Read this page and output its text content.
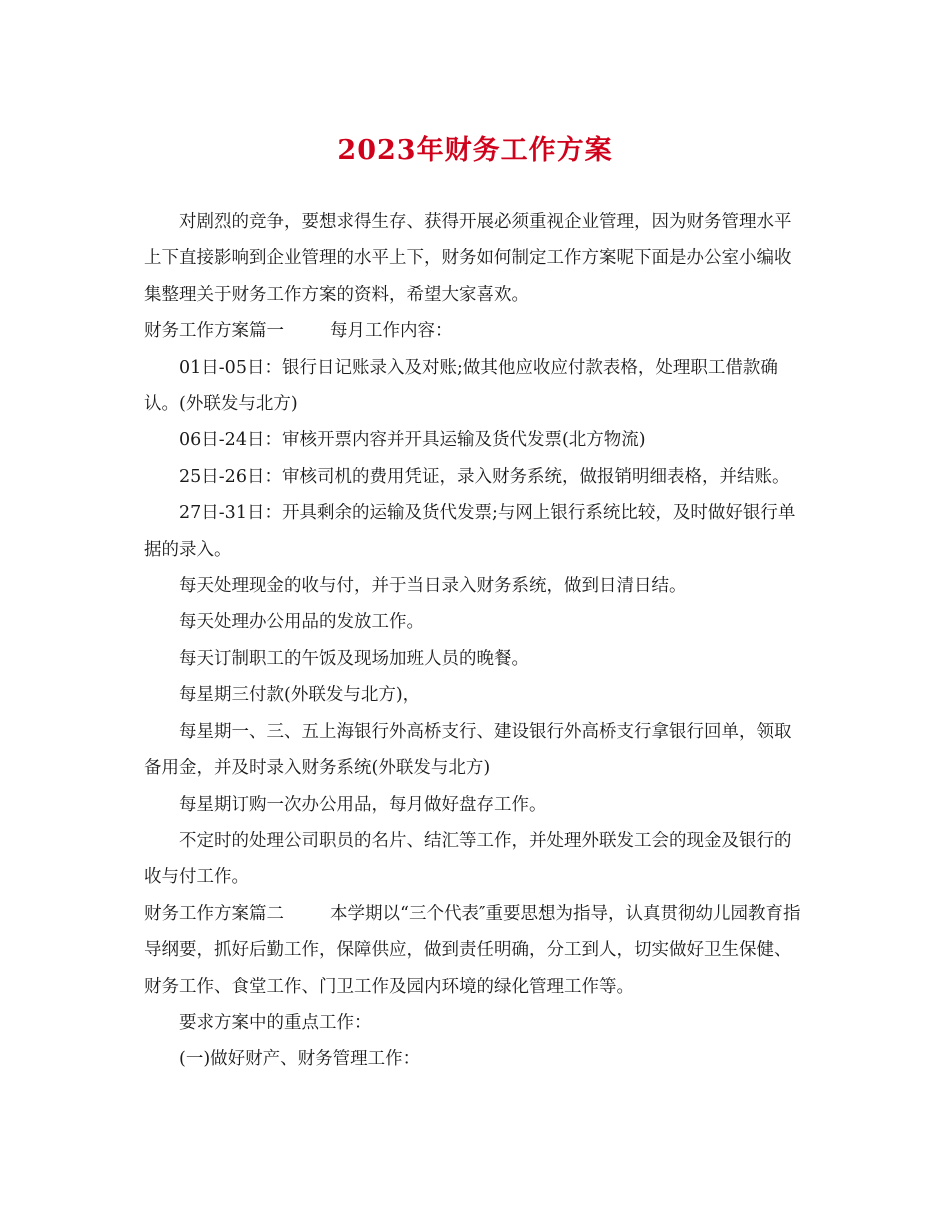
2023年财务工作方案

对剧烈的竞争，要想求得生存、获得开展必须重视企业管理，因为财务管理水平上下直接影响到企业管理的水平上下，财务如何制定工作方案呢下面是办公室小编收集整理关于财务工作方案的资料，希望大家喜欢。

财务工作方案篇一	每月工作内容：

01日-05日：银行日记账录入及对账;做其他应收应付款表格，处理职工借款确认。(外联发与北方)

06日-24日：审核开票内容并开具运输及货代发票(北方物流)

25日-26日：审核司机的费用凭证，录入财务系统，做报销明细表格，并结账。

27日-31日：开具剩余的运输及货代发票;与网上银行系统比较，及时做好银行单据的录入。

每天处理现金的收与付，并于当日录入财务系统，做到日清日结。

每天处理办公用品的发放工作。

每天订制职工的午饭及现场加班人员的晚餐。

每星期三付款(外联发与北方)，

每星期一、三、五上海银行外高桥支行、建设银行外高桥支行拿银行回单，领取备用金，并及时录入财务系统(外联发与北方)

每星期订购一次办公用品，每月做好盘存工作。

不定时的处理公司职员的名片、结汇等工作，并处理外联发工会的现金及银行的收与付工作。

财务工作方案篇二	本学期以“三个代表″重要思想为指导，认真贯彻幼儿园教育指导纲要，抓好后勤工作，保障供应，做到责任明确，分工到人，切实做好卫生保健、财务工作、食堂工作、门卫工作及园内环境的绿化管理工作等。

要求方案中的重点工作：

(一)做好财产、财务管理工作：
